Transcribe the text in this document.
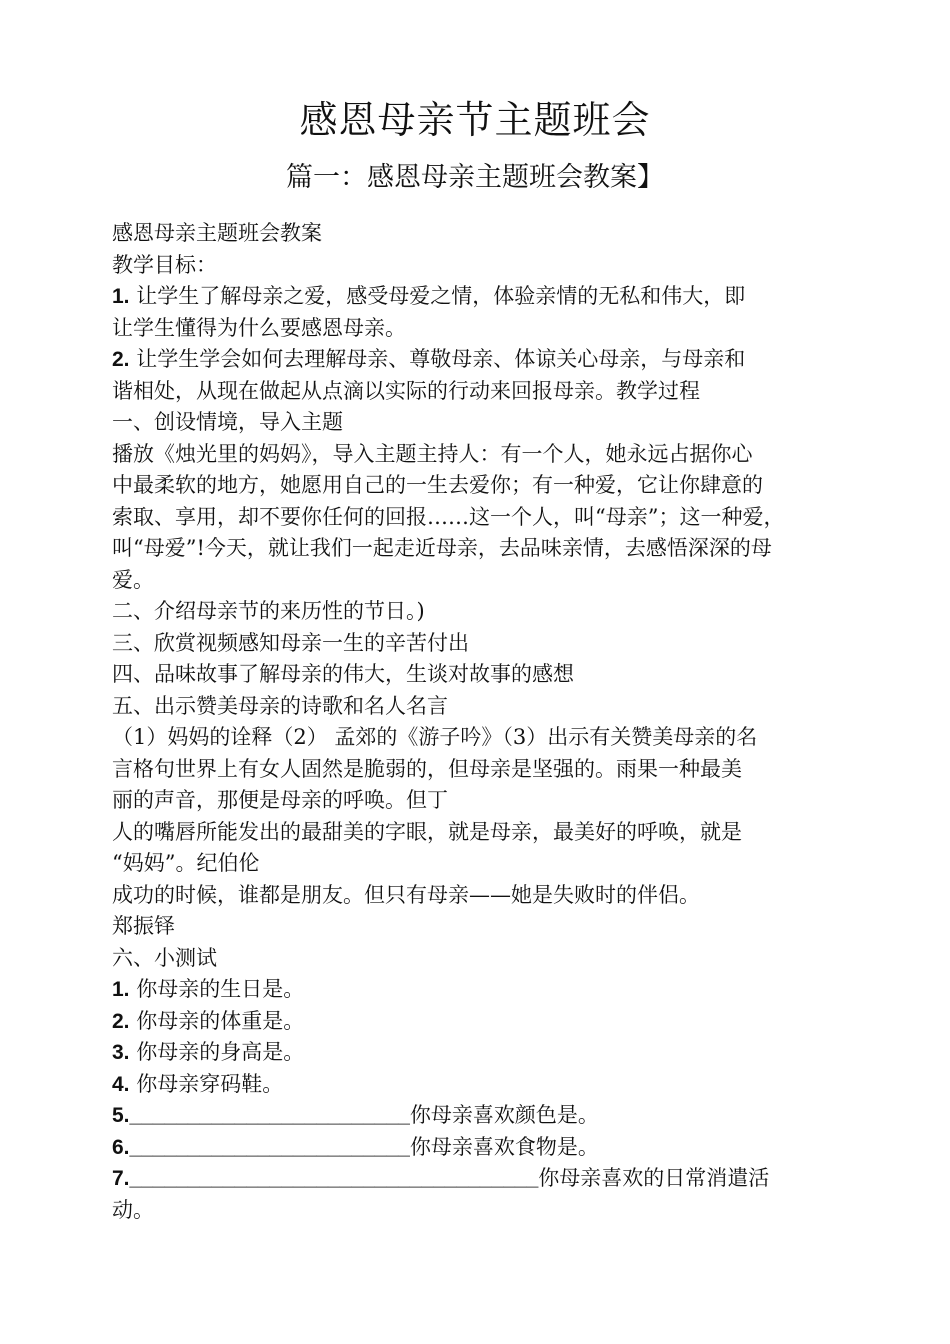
感恩母亲节主题班会
篇一：感恩母亲主题班会教案】
感恩母亲主题班会教案
教学目标：
1. 让学生了解母亲之爱，感受母爱之情，体验亲情的无私和伟大，即
让学生懂得为什么要感恩母亲。
2. 让学生学会如何去理解母亲、尊敬母亲、体谅关心母亲，与母亲和
谐相处，从现在做起从点滴以实际的行动来回报母亲。教学过程
一、创设情境，导入主题
播放《烛光里的妈妈》，导入主题主持人：有一个人，她永远占据你心
中最柔软的地方，她愿用自己的一生去爱你；有一种爱，它让你肆意的
索取、享用，却不要你任何的回报……这一个人，叫“母亲”；这一种爱，
叫“母爱”!今天，就让我们一起走近母亲，去品味亲情，去感悟深深的母
爱。
二、介绍母亲节的来历性的节日。)
三、欣赏视频感知母亲一生的辛苦付出
四、品味故事了解母亲的伟大，生谈对故事的感想
五、出示赞美母亲的诗歌和名人名言
（1）妈妈的诠释（2） 孟郊的《游子吟》（3）出示有关赞美母亲的名
言格句世界上有女人固然是脆弱的，但母亲是坚强的。雨果一种最美
丽的声音，那便是母亲的呼唤。但丁
人的嘴唇所能发出的最甜美的字眼，就是母亲，最美好的呼唤，就是
“妈妈”。纪伯伦
成功的时候，谁都是朋友。但只有母亲——她是失败时的伴侣。
郑振铎
六、小测试
1. 你母亲的生日是。
2. 你母亲的体重是。
3. 你母亲的身高是。
4. 你母亲穿码鞋。
5.________________________你母亲喜欢颜色是。
6.________________________你母亲喜欢食物是。
7.___________________________________你母亲喜欢的日常消遣活
动。
